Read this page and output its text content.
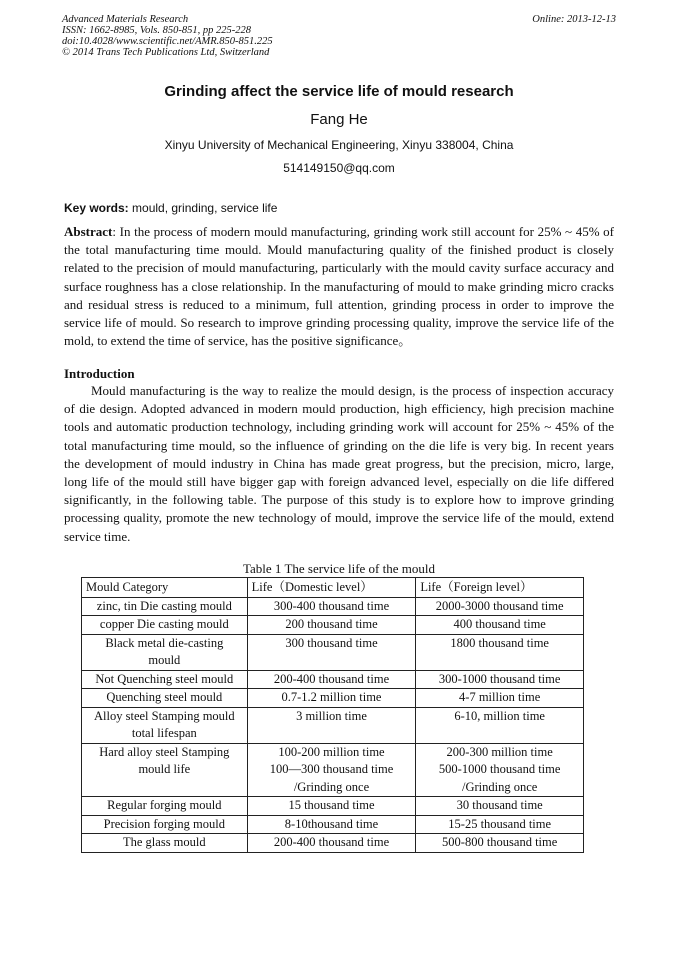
Advanced Materials Research
ISSN: 1662-8985, Vols. 850-851, pp 225-228
doi:10.4028/www.scientific.net/AMR.850-851.225
© 2014 Trans Tech Publications Ltd, Switzerland
Online: 2013-12-13
Grinding affect the service life of mould research
Fang He
Xinyu University of Mechanical Engineering, Xinyu 338004, China
514149150@qq.com
Key words: mould, grinding, service life

Abstract: In the process of modern mould manufacturing, grinding work still account for 25% ~ 45% of the total manufacturing time mould. Mould manufacturing quality of the finished product is closely related to the precision of mould manufacturing, particularly with the mould cavity surface accuracy and surface roughness has a close relationship. In the manufacturing of mould to make grinding micro cracks and residual stress is reduced to a minimum, full attention, grinding process in order to improve the service life of mould. So research to improve grinding processing quality, improve the service life of the mold, to extend the time of service, has the positive significance。

Introduction

Mould manufacturing is the way to realize the mould design, is the process of inspection accuracy of die design. Adopted advanced in modern mould production, high efficiency, high precision machine tools and automatic production technology, including grinding work will account for 25% ~ 45% of the total manufacturing time mould, so the influence of grinding on the die life is very big. In recent years the development of mould industry in China has made great progress, but the precision, micro, large, long life of the mould still have bigger gap with foreign advanced level, especially on die life differed significantly, in the following table. The purpose of this study is to explore how to improve grinding processing quality, promote the new technology of mould, improve the service life of the mould, extend service time.

Table 1 The service life of the mould
Mould Category	Life（Domestic level）	Life（Foreign level）

zinc, tin Die casting mould	300-400 thousand time	2000-3000 thousand time

copper Die casting mould	200 thousand time	400 thousand time

Black metal die-casting
mould	300 thousand time	1800 thousand time

Not Quenching steel mould	200-400 thousand time	300-1000 thousand time

Quenching steel mould	0.7-1.2 million time	4-7 million time

Alloy steel Stamping mould
total lifespan	3 million time	6-10, million time

Hard alloy steel Stamping
mould life	100-200 million time
100—300 thousand time
/Grinding once	200-300 million time
500-1000 thousand time
/Grinding once

Regular forging mould	15 thousand time	30 thousand time

Precision forging mould	8-10thousand time	15-25 thousand time

The glass mould	200-400 thousand time	500-800 thousand time
